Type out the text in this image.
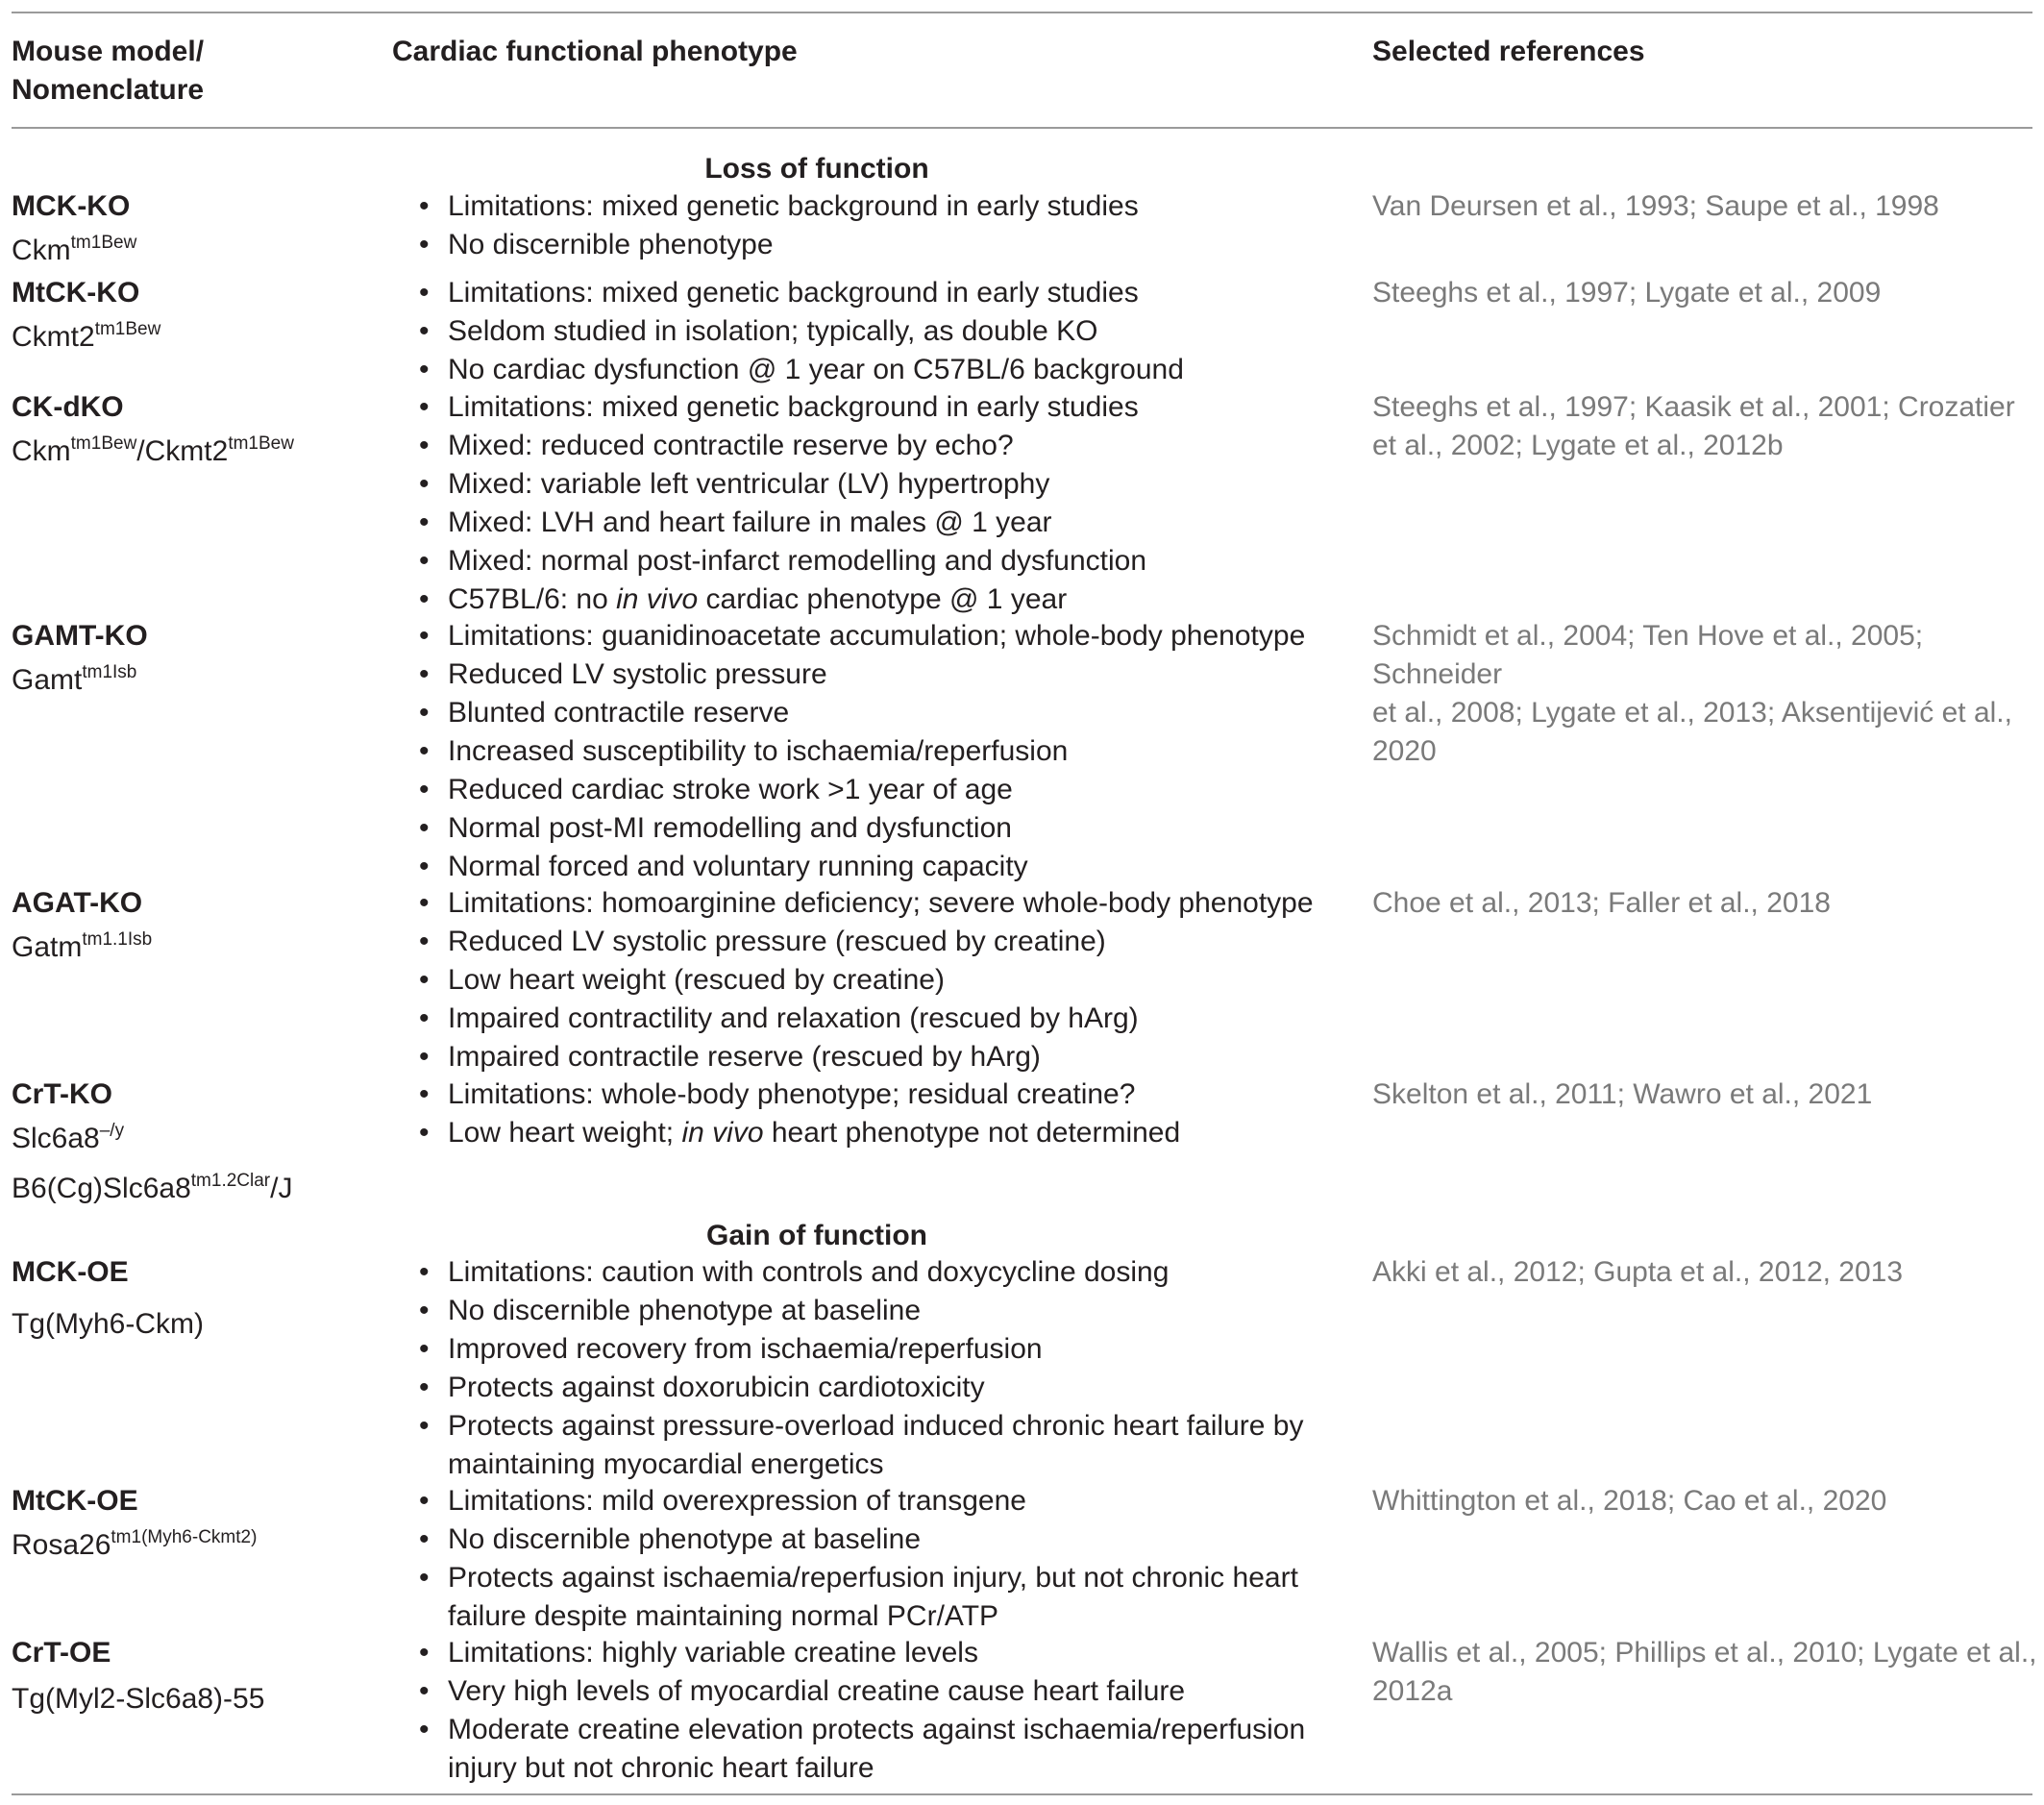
Mouse model/
Nomenclature
Cardiac functional phenotype	Selected references
Loss of function
MCK-KO
Ckm$^{tm1Bew}$
• Limitations: mixed genetic background in early studies
• No discernible phenotype
Van Deursen et al., 1993; Saupe et al., 1998
MtCK-KO
$Ckmt2^{tm1Bew}$
• Limitations: mixed genetic background in early studies
• Seldom studied in isolation; typically, as double KO
• No cardiac dysfunction @ 1 year on C57BL/6 background
Steeghs et al., 1997; Lygate et al., 2009
CK-dKO
$Ckm^{tm1Bew}/Ckmt2^{tm1Bew}$
• Limitations: mixed genetic background in early studies
• Mixed: reduced contractile reserve by echo?
• Mixed: variable left ventricular (LV) hypertrophy
• Mixed: LVH and heart failure in males @ 1 year
• Mixed: normal post-infarct remodelling and dysfunction
• C57BL/6: no in vivo cardiac phenotype @ 1 year
Steeghs et al., 1997; Kaasik et al., 2001; Crozatier
et al., 2002; Lygate et al., 2012b
GAMT-KO
Gamt$^{tm1Isb}$
• Limitations: guanidinoacetate accumulation; whole-body phenotype
• Reduced LV systolic pressure
• Blunted contractile reserve
• Increased susceptibility to ischaemia/reperfusion
• Reduced cardiac stroke work >1 year of age
• Normal post-MI remodelling and dysfunction
• Normal forced and voluntary running capacity
Schmidt et al., 2004; Ten Hove et al., 2005; Schneider
et al., 2008; Lygate et al., 2013; Aksentijević et al.,
2020
AGAT-KO
Gatm$^{tm1.1Isb}$
• Limitations: homoarginine deficiency; severe whole-body phenotype
• Reduced LV systolic pressure (rescued by creatine)
• Low heart weight (rescued by creatine)
• Impaired contractility and relaxation (rescued by hArg)
• Impaired contractile reserve (rescued by hArg)
Choe et al., 2013; Faller et al., 2018
CrT-KO
$Slc6a8^{-/y}$
$B6(Cg)Slc6a8^{tm1.2Clar}/J$
• Limitations: whole-body phenotype; residual creatine?
• Low heart weight; in vivo heart phenotype not determined
Skelton et al., 2011; Wawro et al., 2021
Gain of function
MCK-OE
Tg(Myh6-Ckm)
• Limitations: caution with controls and doxycycline dosing
• No discernible phenotype at baseline
• Improved recovery from ischaemia/reperfusion
• Protects against doxorubicin cardiotoxicity
• Protects against pressure-overload induced chronic heart failure by maintaining myocardial energetics
Akki et al., 2012; Gupta et al., 2012, 2013
MtCK-OE
$Rosa26^{tm1(Myh6-Ckmt2)}$
• Limitations: mild overexpression of transgene
• No discernible phenotype at baseline
• Protects against ischaemia/reperfusion injury, but not chronic heart failure despite maintaining normal PCr/ATP
Whittington et al., 2018; Cao et al., 2020
CrT-OE
Tg(Myl2-Slc6a8)-55
• Limitations: highly variable creatine levels
• Very high levels of myocardial creatine cause heart failure
• Moderate creatine elevation protects against ischaemia/reperfusion injury but not chronic heart failure
Wallis et al., 2005; Phillips et al., 2010; Lygate et al.,
2012a
